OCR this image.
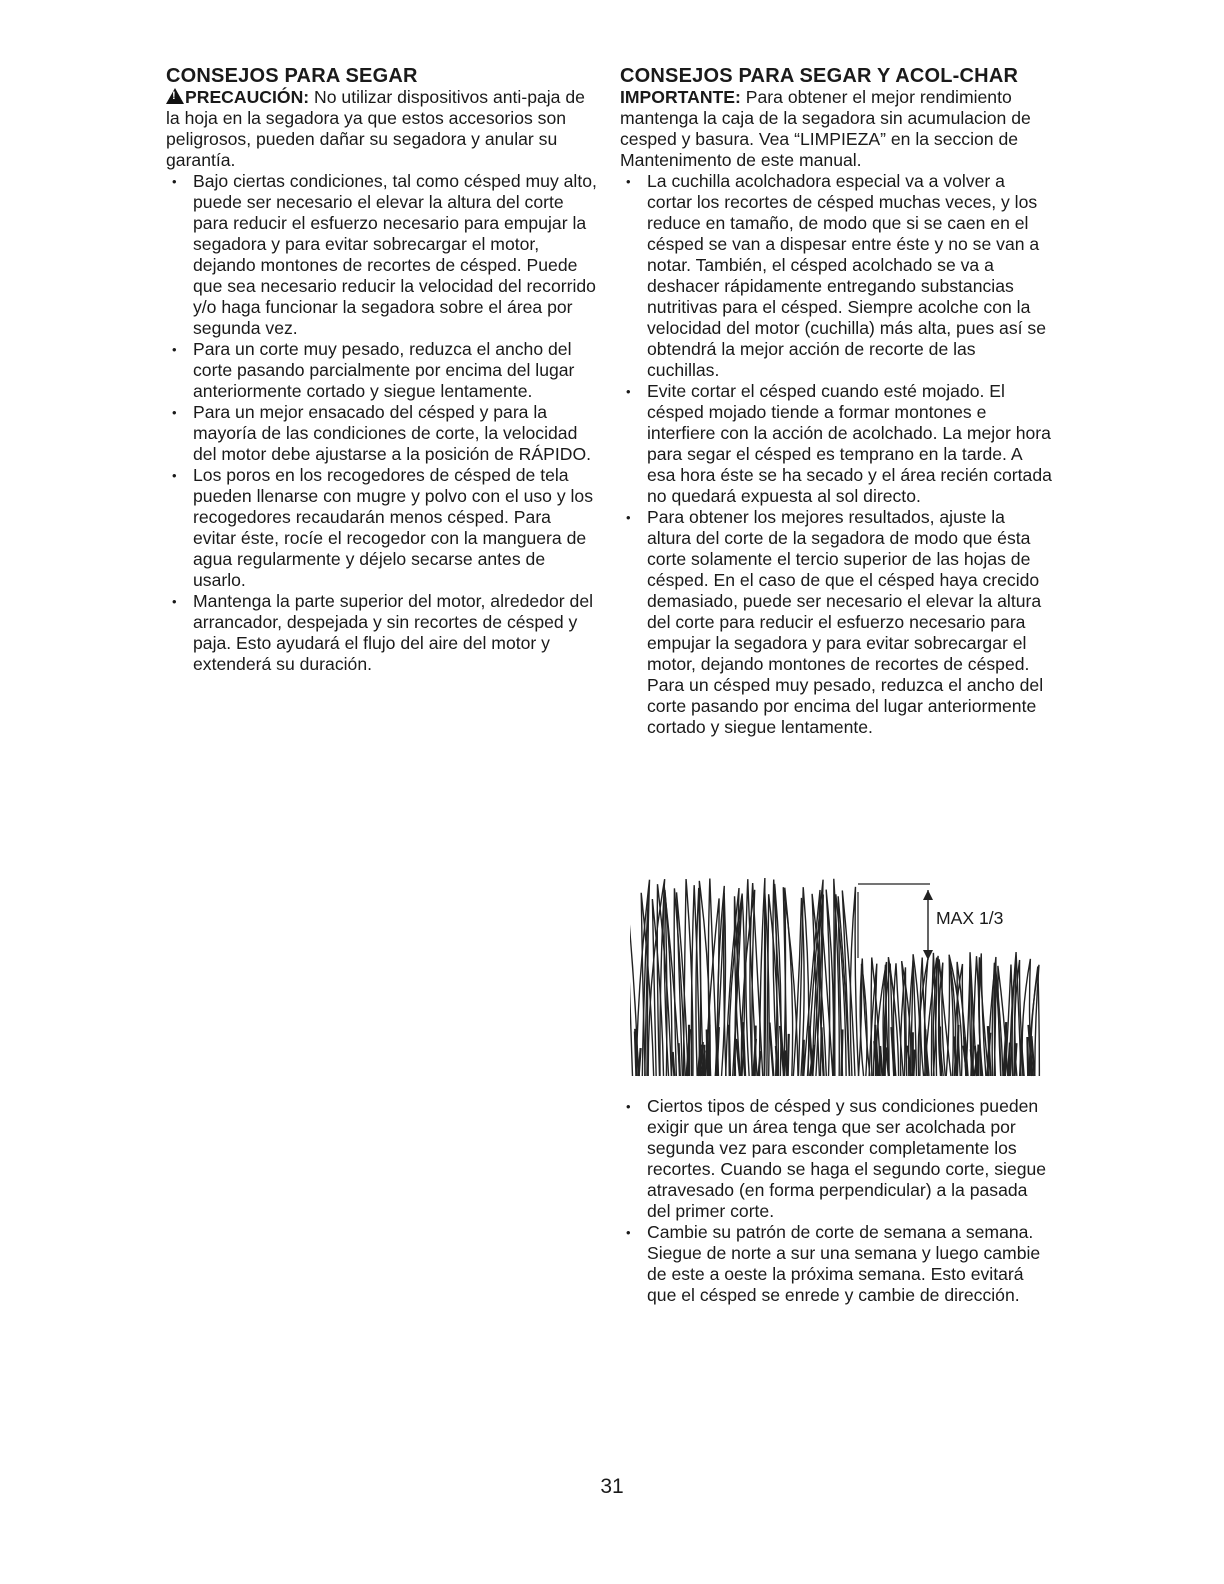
CONSEJOS PARA SEGAR

!PRECAUCIÓN: No utilizar dispositivos anti-paja de la hoja en la segadora ya que estos accesorios son peligrosos, pueden dañar su segadora y anular su garantía.

• Bajo ciertas condiciones, tal como césped muy alto, puede ser necesario el elevar la altura del corte para reducir el esfuerzo necesario para empujar la segadora y para evitar sobrecargar el motor, dejando montones de recortes de césped. Puede que sea necesario reducir la velocidad del recorrido y/o haga funcionar la segadora sobre el área por segunda vez.
• Para un corte muy pesado, reduzca el ancho del corte pasando parcialmente por encima del lugar anteriormente cortado y siegue lentamente.
• Para un mejor ensacado del césped y para la mayoría de las condiciones de corte, la velocidad del motor debe ajustarse a la posición de RÁPIDO.
• Los poros en los recogedores de césped de tela pueden llenarse con mugre y polvo con el uso y los recogedores recaudarán menos césped. Para evitar éste, rocíe el recogedor con la manguera de agua regularmente y déjelo secarse antes de usarlo.
• Mantenga la parte superior del motor, alrededor del arrancador, despejada y sin recortes de césped y paja. Esto ayudará el flujo del aire del motor y extenderá su duración.
CONSEJOS PARA SEGAR Y ACOL-CHAR

IMPORTANTE: Para obtener el mejor rendimiento mantenga la caja de la segadora sin acumulacion de cesped y basura. Vea “LIMPIEZA” en la seccion de Mantenimento de este manual.

• La cuchilla acolchadora especial va a volver a cortar los recortes de césped muchas veces, y los reduce en tamaño, de modo que si se caen en el césped se van a dispesar entre éste y no se van a notar. También, el césped acolchado se va a deshacer rápidamente entregando substancias nutritivas para el césped. Siempre acolche con la velocidad del motor (cuchilla) más alta, pues así se obtendrá la mejor acción de recorte de las cuchillas.
• Evite cortar el césped cuando esté mojado. El césped mojado tiende a formar montones e interfiere con la acción de acolchado. La mejor hora para segar el césped es temprano en la tarde. A esa hora éste se ha secado y el área recién cortada no quedará expuesta al sol directo.
• Para obtener los mejores resultados, ajuste la altura del corte de la segadora de modo que ésta corte solamente el tercio superior de las hojas de césped. En el caso de que el césped haya crecido demasiado, puede ser necesario el elevar la altura del corte para reducir el esfuerzo necesario para empujar la segadora y para evitar sobrecargar el motor, dejando montones de recortes de césped. Para un césped muy pesado, reduzca el ancho del corte pasando por encima del lugar anteriormente cortado y siegue lentamente.
MAX 1/3
• Ciertos tipos de césped y sus condiciones pueden exigir que un área tenga que ser acolchada por segunda vez para esconder completamente los recortes. Cuando se haga el segundo corte, siegue atravesado (en forma perpendicular) a la pasada del primer corte.
• Cambie su patrón de corte de semana a semana. Siegue de norte a sur una semana y luego cambie de este a oeste la próxima semana. Esto evitará que el césped se enrede y cambie de dirección.
31
